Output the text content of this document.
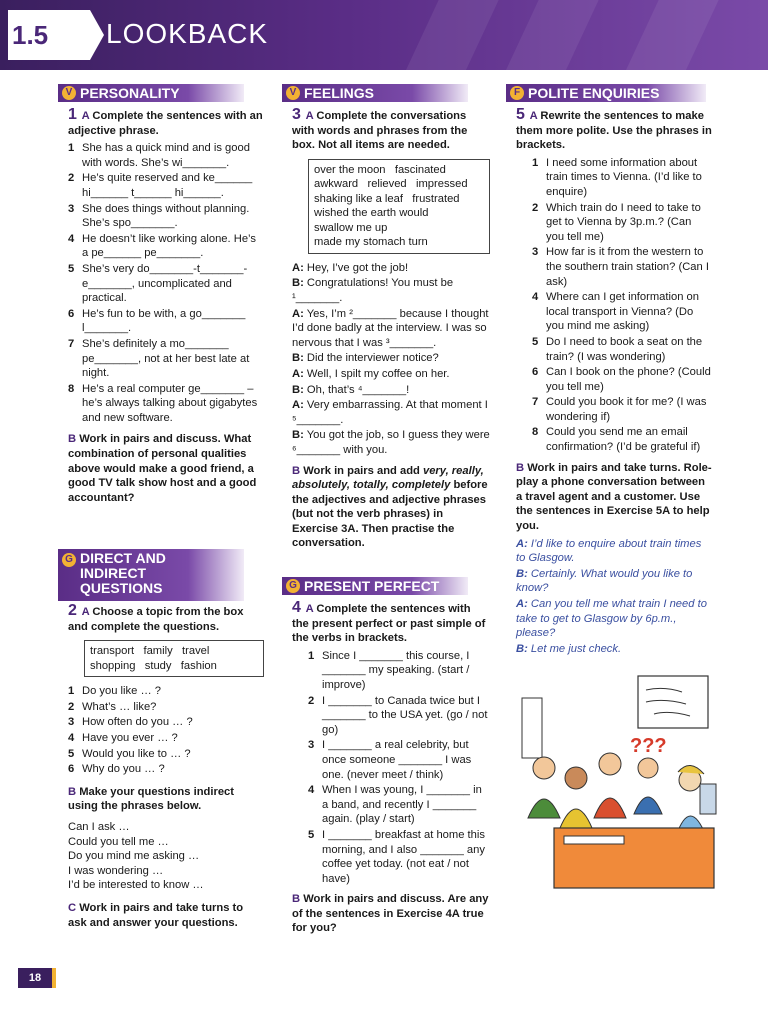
1.5	LOOKBACK
V PERSONALITY
1 A Complete the sentences with an adjective phrase.
1 She has a quick mind and is good with words. She’s wi_______.
2 He’s quite reserved and ke______ hi______ t______ hi______.
3 She does things without planning. She’s spo_______.
4 He doesn’t like working alone. He’s a pe______ pe_______.
5 She’s very do_______-t_______-e_______, uncomplicated and practical.
6 He’s fun to be with, a go_______ l_______.
7 She’s definitely a mo_______ pe_______, not at her best late at night.
8 He’s a real computer ge_______ – he’s always talking about gigabytes and new software.
B Work in pairs and discuss. What combination of personal qualities above would make a good friend, a good TV talk show host and a good accountant?
G DIRECT AND
INDIRECT
QUESTIONS
2 A Choose a topic from the box and complete the questions.
transport   family   travel
shopping   study   fashion
1 Do you like … ?
2 What’s … like?
3 How often do you … ?
4 Have you ever … ?
5 Would you like to … ?
6 Why do you … ?
B Make your questions indirect using the phrases below.

Can I ask …

Could you tell me …

Do you mind me asking …

I was wondering …

I’d be interested to know …

C Work in pairs and take turns to ask and answer your questions.
V FEELINGS
3 A Complete the conversations with words and phrases from the box. Not all items are needed.
over the moon   fascinated
awkward   relieved   impressed
shaking like a leaf   frustrated
wished the earth would
swallow me up
made my stomach turn

A: Hey, I’ve got the job!

B: Congratulations! You must be ¹_______.

A: Yes, I’m ²_______ because I thought I’d done badly at the interview. I was so nervous that I was ³_______.

B: Did the interviewer notice?

A: Well, I spilt my coffee on her.

B: Oh, that’s ⁴_______!

A: Very embarrassing. At that moment I ⁵_______.

B: You got the job, so I guess they were ⁶_______ with you.

B Work in pairs and add very, really, absolutely, totally, completely before the adjectives and adjective phrases (but not the verb phrases) in Exercise 3A. Then practise the conversation.
G PRESENT PERFECT
4 A Complete the sentences with the present perfect or past simple of the verbs in brackets.
1 Since I _______ this course, I _______ my speaking. (start / improve)
2 I _______ to Canada twice but I _______ to the USA yet. (go / not go)
3 I _______ a real celebrity, but once someone _______ I was one. (never meet / think)
4 When I was young, I _______ in a band, and recently I _______ again. (play / start)
5 I _______ breakfast at home this morning, and I also _______ any coffee yet today. (not eat / not have)
B Work in pairs and discuss. Are any of the sentences in Exercise 4A true for you?
F POLITE ENQUIRIES
5 A Rewrite the sentences to make them more polite. Use the phrases in brackets.
1 I need some information about train times to Vienna. (I’d like to enquire)
2 Which train do I need to take to get to Vienna by 3p.m.? (Can you tell me)
3 How far is it from the western to the southern train station? (Can I ask)
4 Where can I get information on local transport in Vienna? (Do you mind me asking)
5 Do I need to book a seat on the train? (I was wondering)
6 Can I book on the phone? (Could you tell me)
7 Could you book it for me? (I was wondering if)
8 Could you send me an email confirmation? (I’d be grateful if)
B Work in pairs and take turns. Role-play a phone conversation between a travel agent and a customer. Use the sentences in Exercise 5A to help you.

A: I’d like to enquire about train times to Glasgow.

B: Certainly. What would you like to know?

A: Can you tell me what train I need to take to get to Glasgow by 6p.m., please?

B: Let me just check.

???
18
